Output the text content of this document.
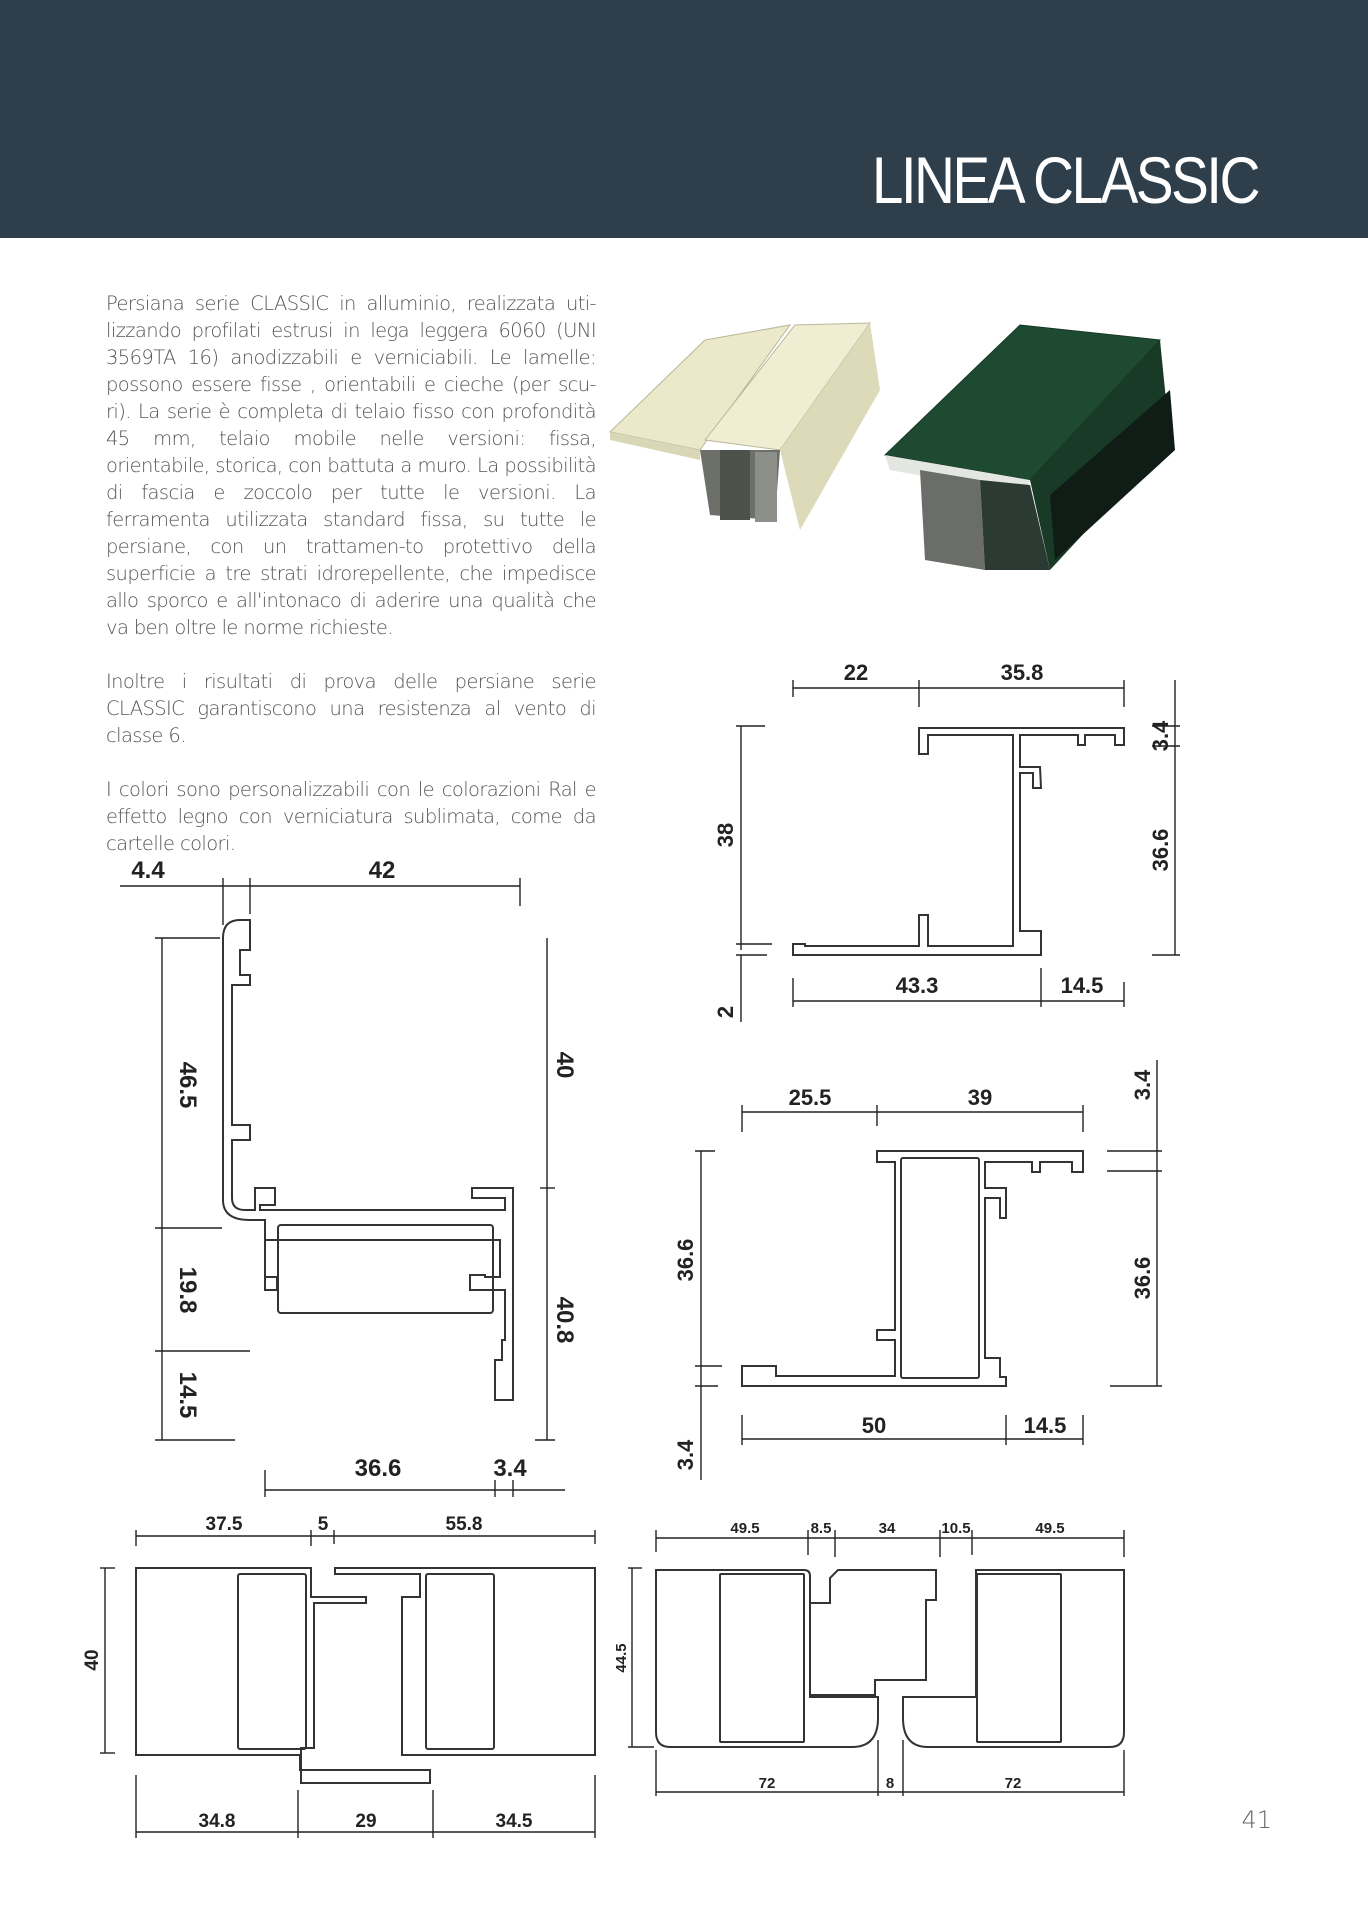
LINEA CLASSIC

Persiana serie CLASSIC in alluminio, realizzata uti-lizzando profilati estrusi in lega leggera 6060 (UNI 3569TA 16) anodizzabili e verniciabili. Le lamelle: possono essere fisse , orientabili e cieche (per scu-ri). La serie è completa di telaio fisso con profondità 45 mm, telaio mobile nelle versioni: fissa, orientabile, storica, con battuta a muro. La possibilità di fascia e zoccolo per tutte le versioni. La ferramenta utilizzata standard fissa, su tutte le persiane, con un trattamen-to protettivo della superficie a tre strati idrorepellente, che impedisce allo sporco e all'intonaco di aderire una qualità che va ben oltre le norme richieste.

Inoltre i risultati di prova delle persiane serie CLASSIC garantiscono una resistenza al vento di classe 6.

I colori sono personalizzabili con le colorazioni Ral e effetto legno con verniciatura sublimata, come da cartelle colori.

22	35.8
38
2
3.4
36.6
43.3	14.5
4.4	42
46.5
19.8
14.5
40
40.8
36.6	3.4
25.5	39
36.6
3.4
3.4
36.6
50	14.5
37.5	5	55.8
40
34.8	29	34.5
49.5	8.5	34	10.5	49.5
44.5
72	8	72
41
